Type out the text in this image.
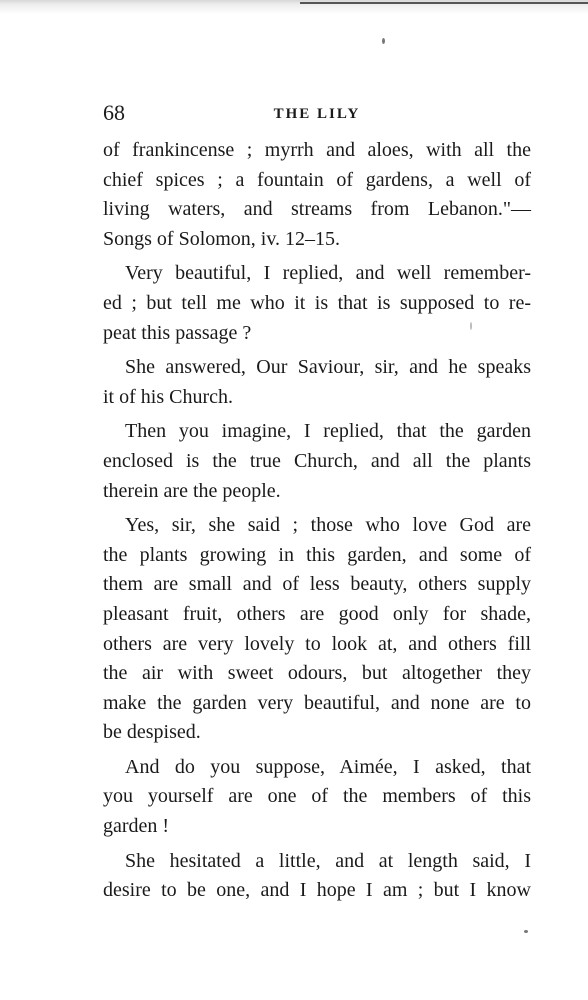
68	THE LILY
of frankincense ; myrrh and aloes, with all the
chief spices ; a fountain of gardens, a well of
living waters, and streams from Lebanon."—
Songs of Solomon, iv. 12–15.
Very beautiful, I replied, and well remember-
ed ; but tell me who it is that is supposed to re-
peat this passage ?
She answered, Our Saviour, sir, and he speaks
it of his Church.
Then you imagine, I replied, that the garden
enclosed is the true Church, and all the plants
therein are the people.
Yes, sir, she said ; those who love God are
the plants growing in this garden, and some of
them are small and of less beauty, others supply
pleasant fruit, others are good only for shade,
others are very lovely to look at, and others fill
the air with sweet odours, but altogether they
make the garden very beautiful, and none are to
be despised.
And do you suppose, Aimée, I asked, that
you yourself are one of the members of this
garden !
She hesitated a little, and at length said, I
desire to be one, and I hope I am ; but I know
